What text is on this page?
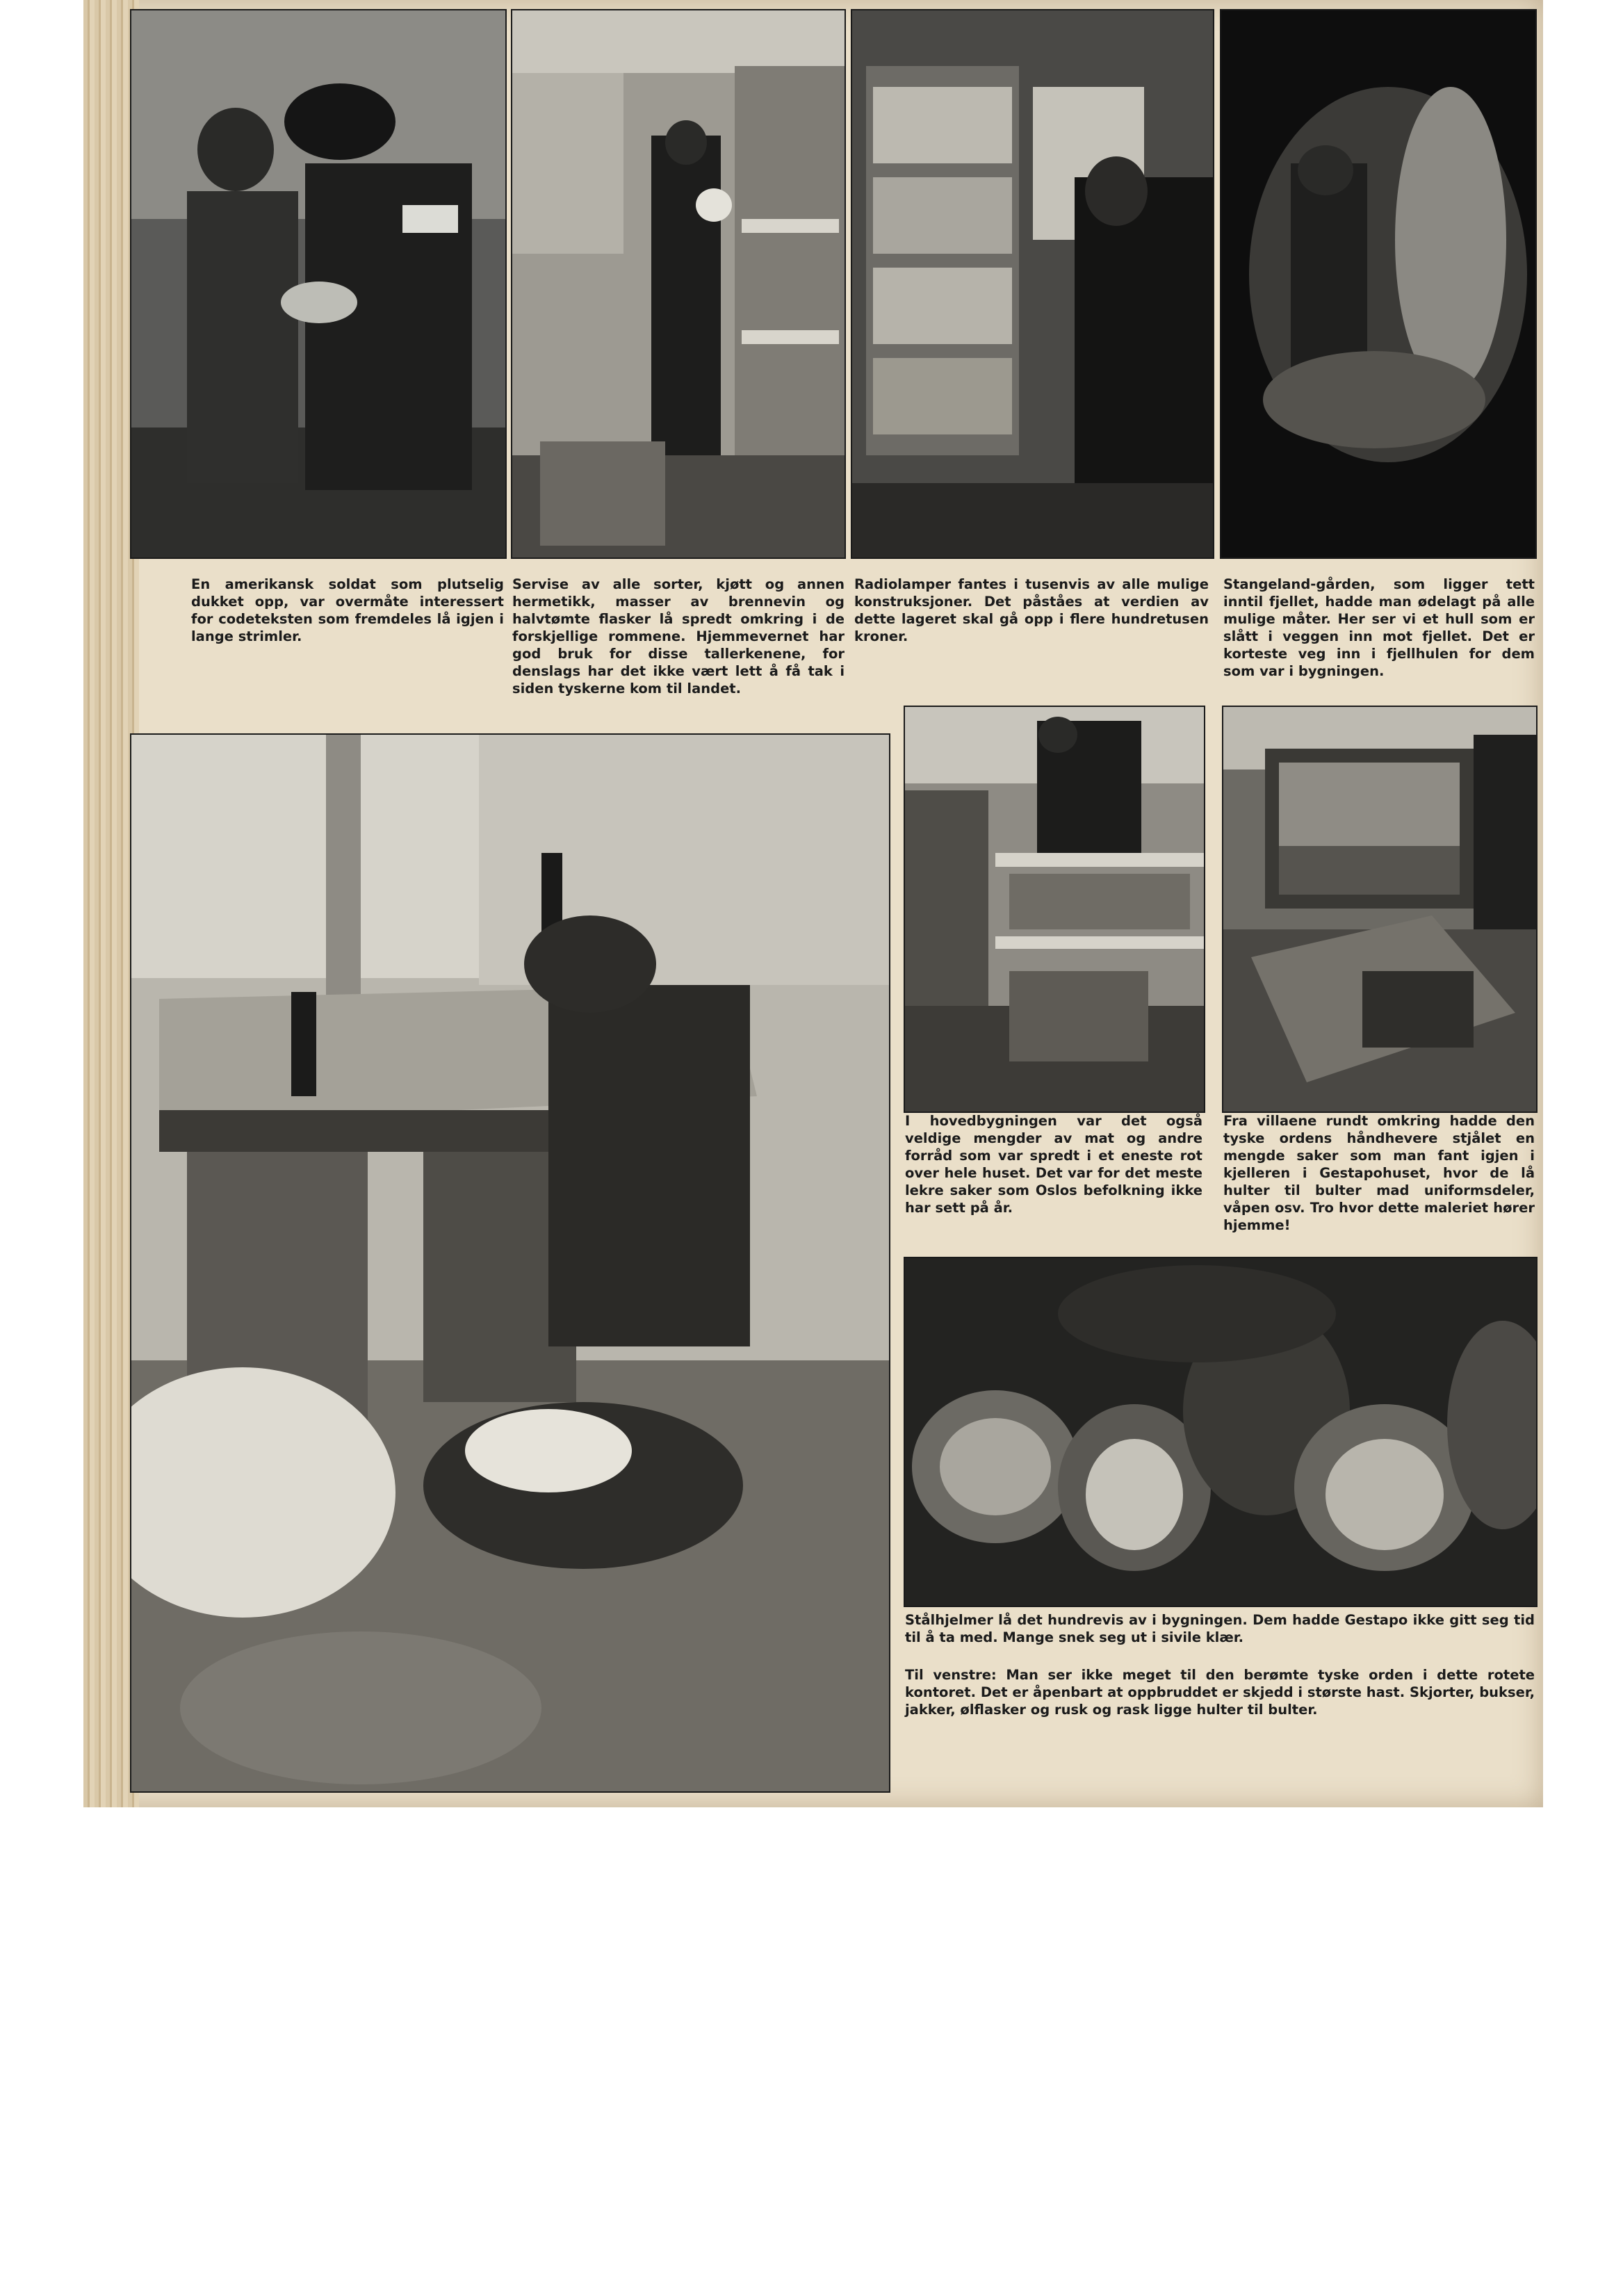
En amerikansk soldat som plutselig dukket opp, var overmåte interessert for codeteksten som fremdeles lå igjen i lange strimler.

Servise av alle sorter, kjøtt og annen hermetikk, masser av brennevin og halvtømte flasker lå spredt omkring i de forskjellige rommene. Hjemmevernet har god bruk for disse tallerkenene, for denslags har det ikke vært lett å få tak i siden tyskerne kom til landet.

Radiolamper fantes i tusenvis av alle mulige konstruksjoner. Det påståes at verdien av dette lageret skal gå opp i flere hundretusen kroner.

Stangeland-gården, som ligger tett inntil fjellet, hadde man ødelagt på alle mulige måter. Her ser vi et hull som er slått i veggen inn mot fjellet. Det er korteste veg inn i fjellhulen for dem som var i bygningen.

I hovedbygningen var det også veldige mengder av mat og andre forråd som var spredt i et eneste rot over hele huset. Det var for det meste lekre saker som Oslos befolkning ikke har sett på år.

Fra villaene rundt omkring hadde den tyske ordens håndhevere stjålet en mengde saker som man fant igjen i kjelleren i Gestapohuset, hvor de lå hulter til bulter mad uniformsdeler, våpen osv. Tro hvor dette maleriet hører hjemme!

Stålhjelmer lå det hundrevis av i bygningen. Dem hadde Gestapo ikke gitt seg tid til å ta med. Mange snek seg ut i sivile klær.

Til venstre: Man ser ikke meget til den berømte tyske orden i dette rotete kontoret. Det er åpenbart at oppbruddet er skjedd i største hast. Skjorter, bukser, jakker, ølflasker og rusk og rask ligge hulter til bulter.
